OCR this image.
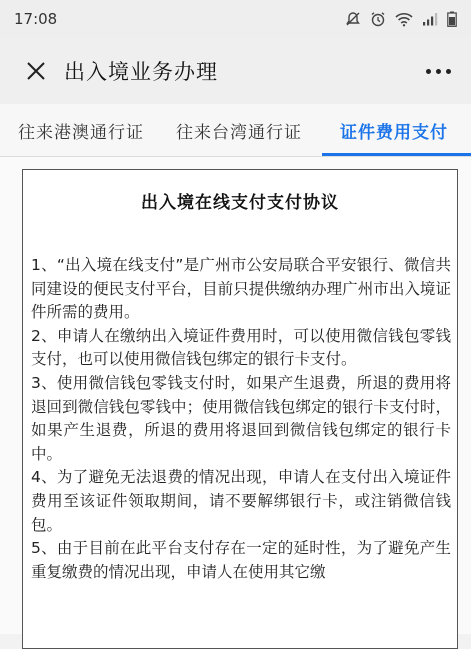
17:08
出入境业务办理
往来港澳通行证 往来台湾通行证	证件费用支付
出入境在线支付支付协议

1、“出入境在线支付”是广州市公安局联合平安银行、微信共同建设的便民支付平台，目前只提供缴纳办理广州市出入境证件所需的费用。

2、申请人在缴纳出入境证件费用时，可以使用微信钱包零钱支付，也可以使用微信钱包绑定的银行卡支付。

3、使用微信钱包零钱支付时，如果产生退费，所退的费用将退回到微信钱包零钱中；使用微信钱包绑定的银行卡支付时，如果产生退费，所退的费用将退回到微信钱包绑定的银行卡中。

4、为了避免无法退费的情况出现，申请人在支付出入境证件费用至该证件领取期间，请不要解绑银行卡，或注销微信钱包。

5、由于目前在此平台支付存在一定的延时性，为了避免产生重复缴费的情况出现，申请人在使用其它缴
